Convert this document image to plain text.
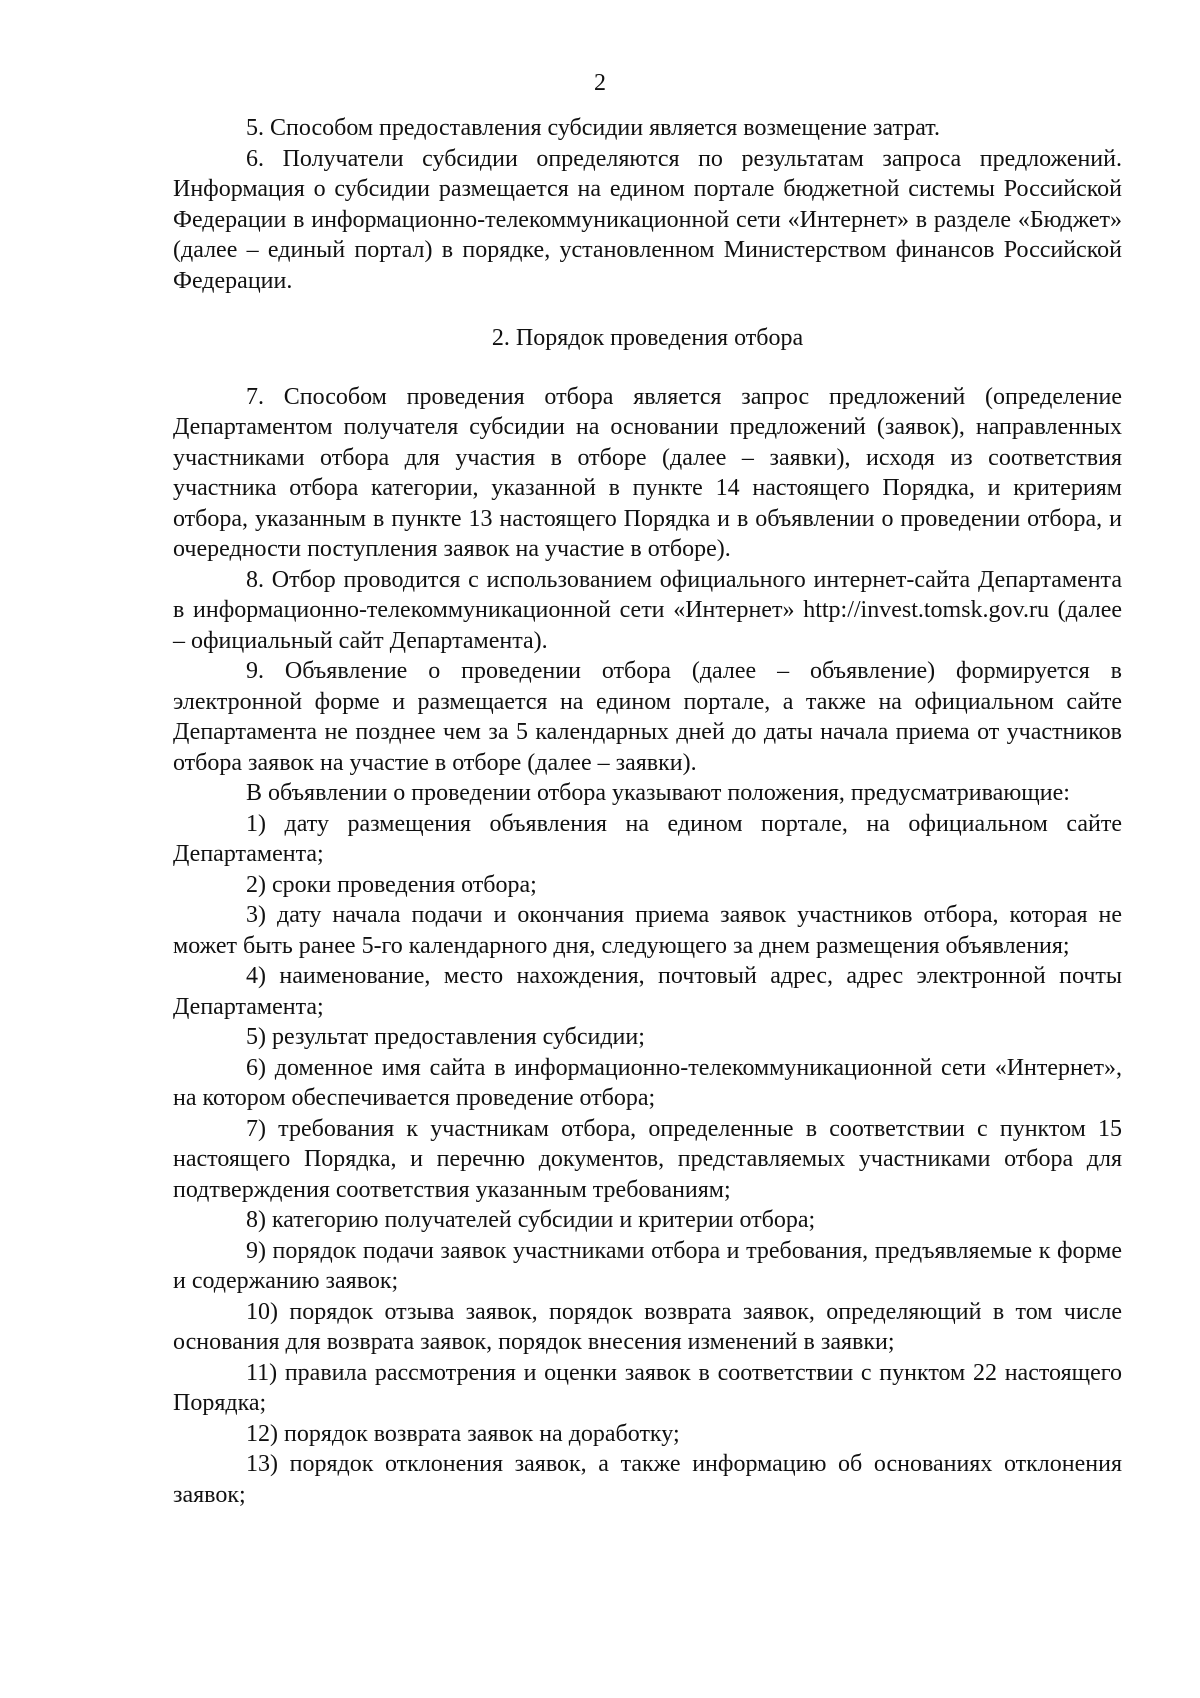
2

5. Способом предоставления субсидии является возмещение затрат.

6. Получатели субсидии определяются по результатам запроса предложений. Информация о субсидии размещается на едином портале бюджетной системы Российской Федерации в информационно-телекоммуникационной сети «Интернет» в разделе «Бюджет» (далее – единый портал) в порядке, установленном Министерством финансов Российской Федерации.

2. Порядок проведения отбора

7. Способом проведения отбора является запрос предложений (определение Департаментом получателя субсидии на основании предложений (заявок), направленных участниками отбора для участия в отборе (далее – заявки), исходя из соответствия участника отбора категории, указанной в пункте 14 настоящего Порядка, и критериям отбора, указанным в пункте 13 настоящего Порядка и в объявлении о проведении отбора, и очередности поступления заявок на участие в отборе).

8. Отбор проводится с использованием официального интернет-сайта Департамента в информационно-телекоммуникационной сети «Интернет» http://invest.tomsk.gov.ru (далее – официальный сайт Департамента).

9. Объявление о проведении отбора (далее – объявление) формируется в электронной форме и размещается на едином портале, а также на официальном сайте Департамента не позднее чем за 5 календарных дней до даты начала приема от участников отбора заявок на участие в отборе (далее – заявки).

В объявлении о проведении отбора указывают положения, предусматривающие:

1) дату размещения объявления на едином портале, на официальном сайте Департамента;

2) сроки проведения отбора;

3) дату начала подачи и окончания приема заявок участников отбора, которая не может быть ранее 5-го календарного дня, следующего за днем размещения объявления;

4) наименование, место нахождения, почтовый адрес, адрес электронной почты Департамента;

5) результат предоставления субсидии;

6) доменное имя сайта в информационно-телекоммуникационной сети «Интернет», на котором обеспечивается проведение отбора;

7) требования к участникам отбора, определенные в соответствии с пунктом 15 настоящего Порядка, и перечню документов, представляемых участниками отбора для подтверждения соответствия указанным требованиям;

8) категорию получателей субсидии и критерии отбора;

9) порядок подачи заявок участниками отбора и требования, предъявляемые к форме и содержанию заявок;

10) порядок отзыва заявок, порядок возврата заявок, определяющий в том числе основания для возврата заявок, порядок внесения изменений в заявки;

11) правила рассмотрения и оценки заявок в соответствии с пунктом 22 настоящего Порядка;

12) порядок возврата заявок на доработку;

13) порядок отклонения заявок, а также информацию об основаниях отклонения заявок;
